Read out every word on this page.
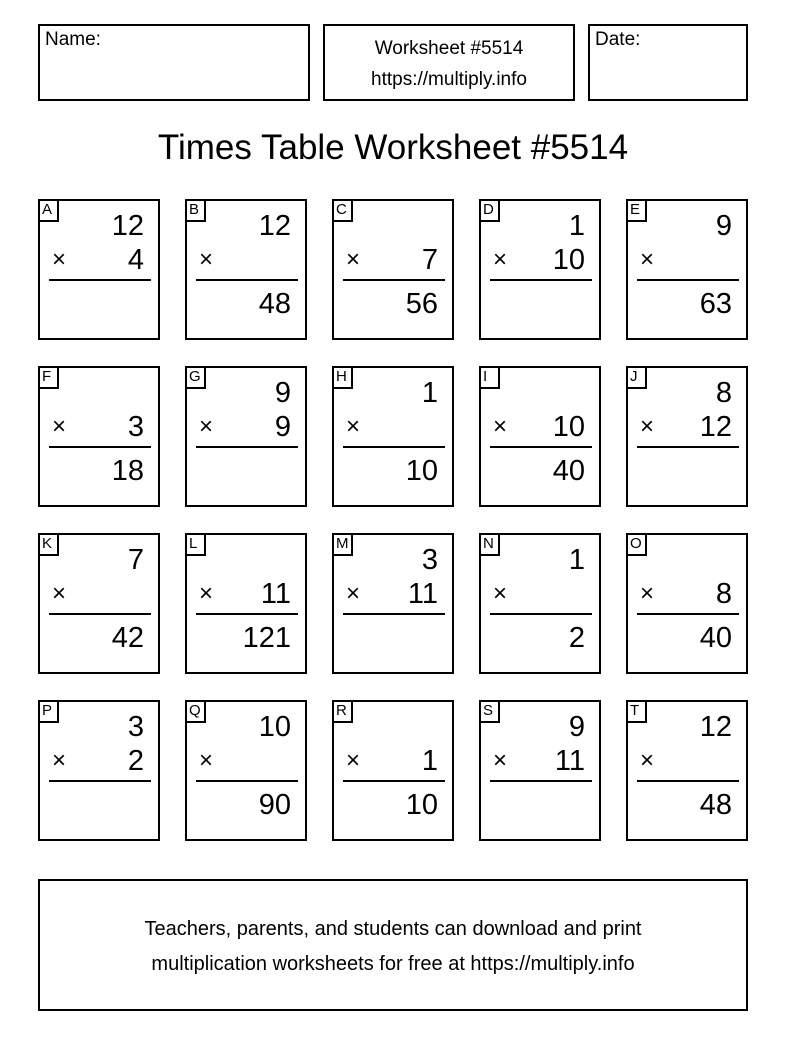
Name:	Worksheet #5514
https://multiply.info
Date:
Times Table Worksheet #5514
A
12
× 4
B
12
×
48
C
× 7
56
D
1
× 10
E
9
×
63
F
× 3
18
G
9
× 9
H
1
×
10
I
× 10
40
J
8
× 12
K
7
×
42
L
× 11
121
M
3
× 11
N
1
×
2
O
× 8
40
P
3
× 2
Q
10
×
90
R
× 1
10
S
9
× 11
T
12
×
48
Teachers, parents, and students can download and print
multiplication worksheets for free at https://multiply.info
